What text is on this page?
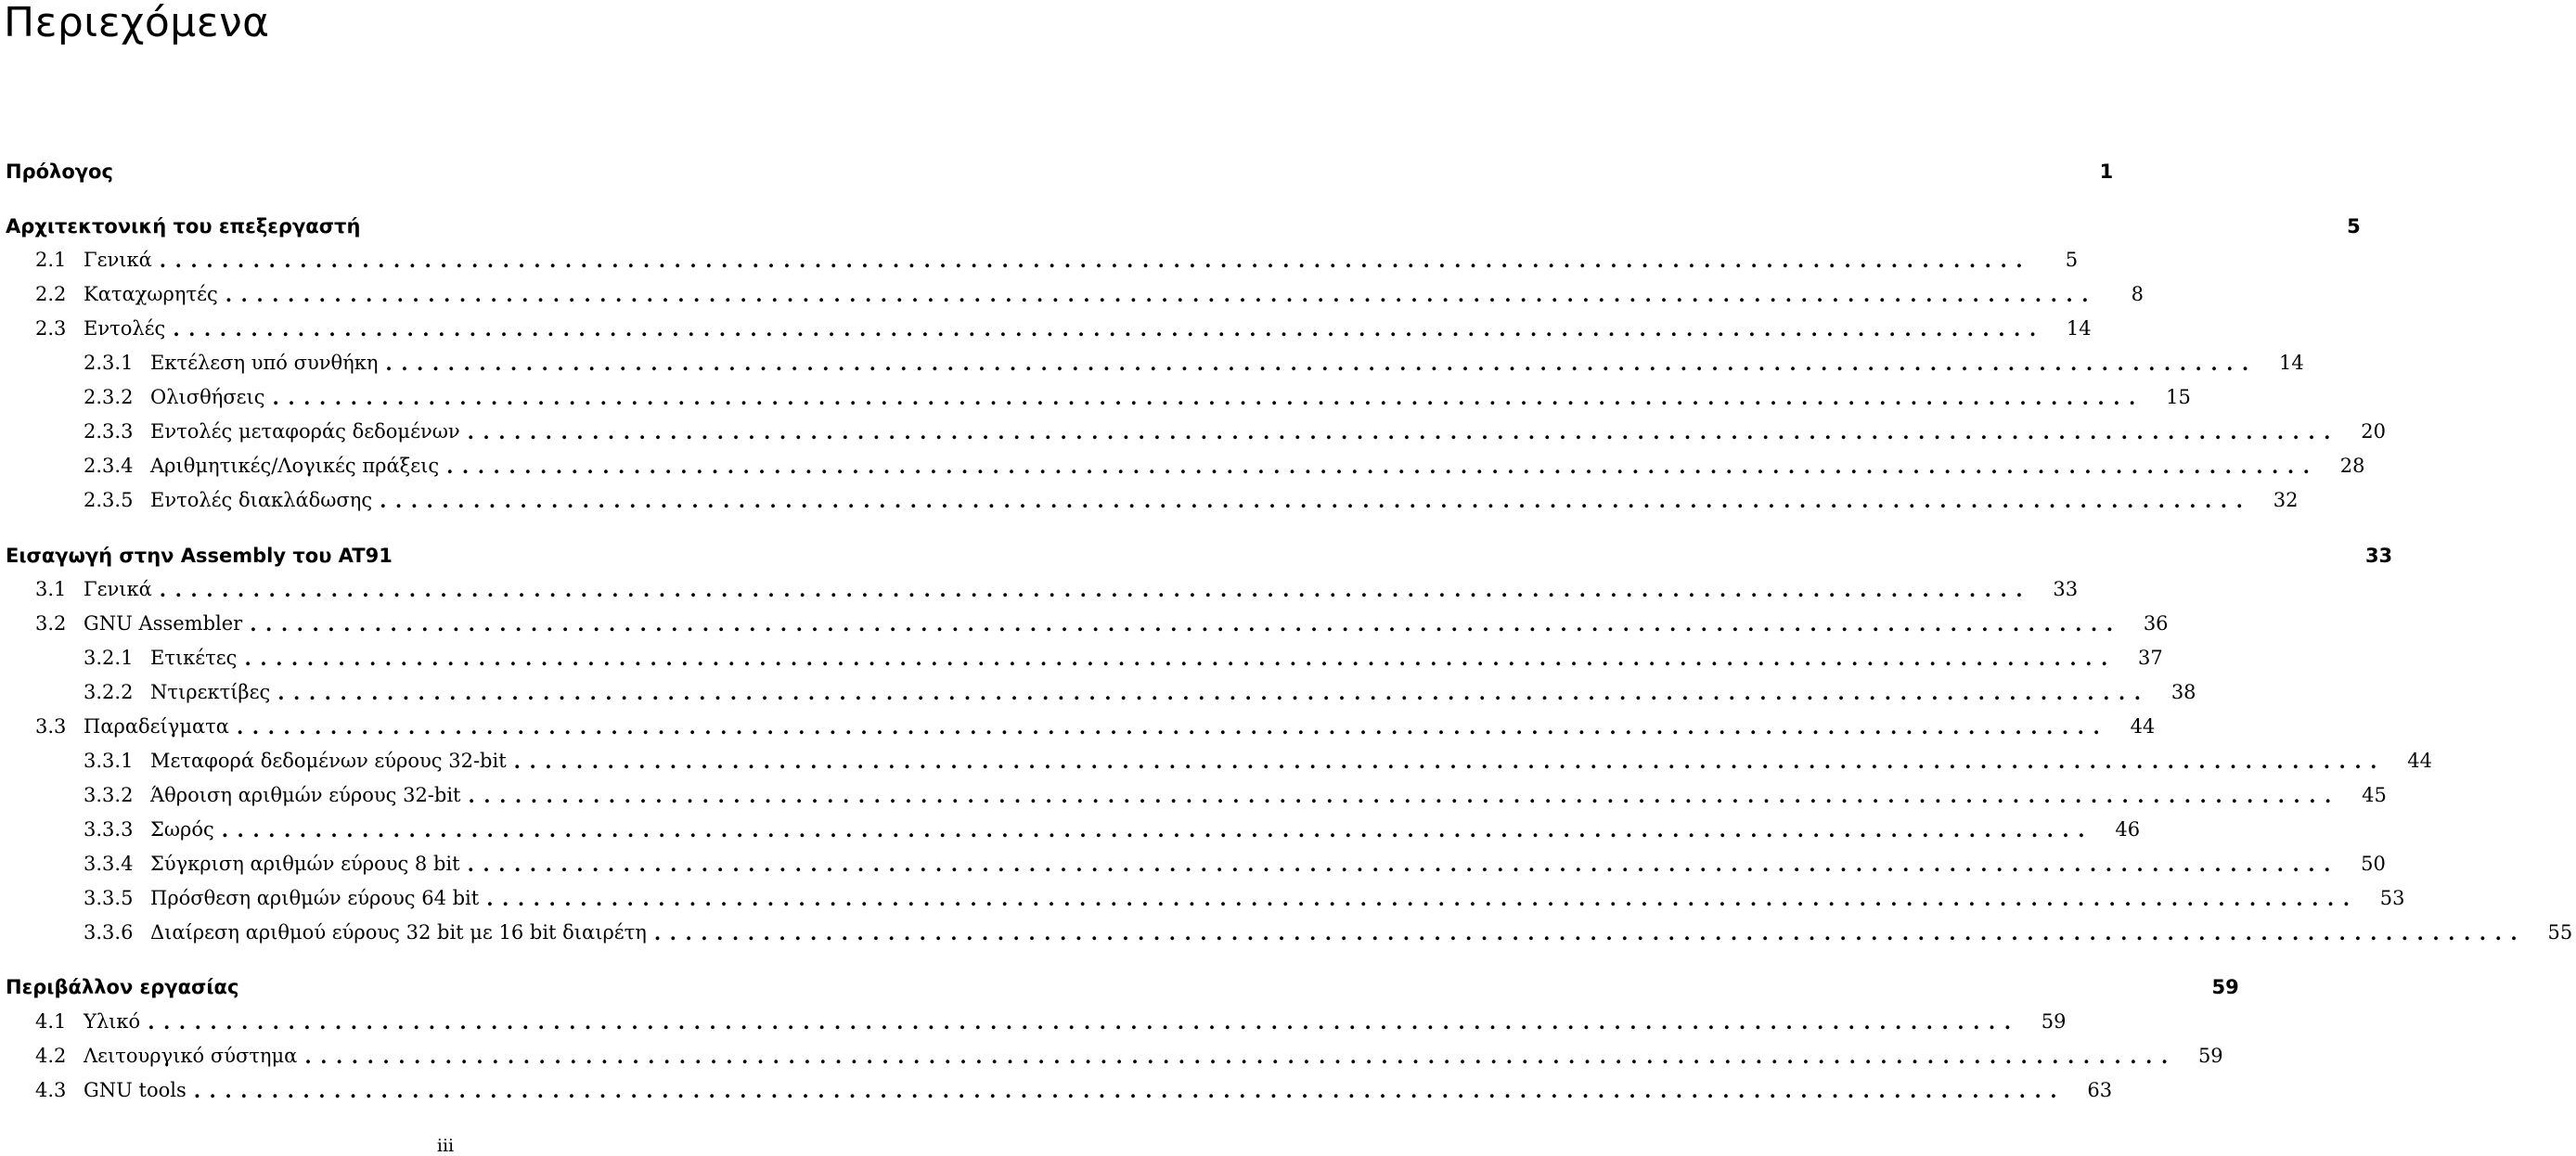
Περιεχόμενα
Πρόλογος	1
Αρχιτεκτονική του επεξεργαστή	5
2.1 Γενικά ........................................................................................................................	5
2.2 Καταχωρητές ........................................................................................................................	8
2.3 Εντολές ........................................................................................................................	14
2.3.1 Εκτέλεση υπό συνθήκη ........................................................................................................................	14
2.3.2 Ολισθήσεις ........................................................................................................................	15
2.3.3 Εντολές μεταφοράς δεδομένων ........................................................................................................................	20
2.3.4 Αριθμητικές/Λογικές πράξεις ........................................................................................................................	28
2.3.5 Εντολές διακλάδωσης ........................................................................................................................	32
Εισαγωγή στην Assembly του AT91	33
3.1 Γενικά ........................................................................................................................	33
3.2 GNU Assembler ........................................................................................................................	36
3.2.1 Ετικέτες ........................................................................................................................	37
3.2.2 Ντιρεκτίβες ........................................................................................................................	38
3.3 Παραδείγματα ........................................................................................................................	44
3.3.1 Μεταφορά δεδομένων εύρους 32-bit ........................................................................................................................	44
3.3.2 Άθροιση αριθμών εύρους 32-bit ........................................................................................................................	45
3.3.3 Σωρός ........................................................................................................................	46
3.3.4 Σύγκριση αριθμών εύρους 8 bit ........................................................................................................................	50
3.3.5 Πρόσθεση αριθμών εύρους 64 bit ........................................................................................................................	53
3.3.6 Διαίρεση αριθμού εύρους 32 bit με 16 bit διαιρέτη ........................................................................................................................	55
Περιβάλλον εργασίας	59
4.1 Υλικό ........................................................................................................................	59
4.2 Λειτουργικό σύστημα ........................................................................................................................	59
4.3 GNU tools ........................................................................................................................	63
iii
